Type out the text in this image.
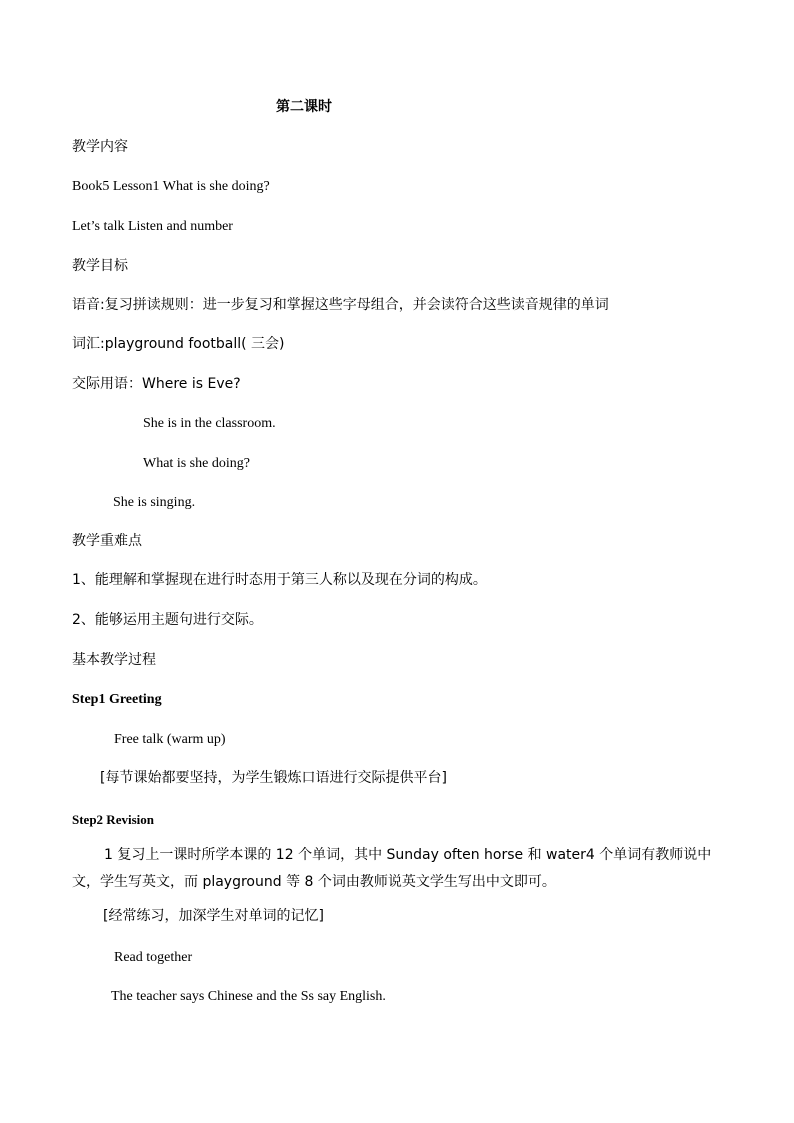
第二课时
教学内容
Book5 Lesson1 What is she doing?
Let’s talk Listen and number
教学目标
语音:复习拼读规则：进一步复习和掌握这些字母组合，并会读符合这些读音规律的单词
词汇:playground football( 三会)
交际用语：Where is Eve?
She is in the classroom.
What is she doing?
She is singing.
教学重难点
1、能理解和掌握现在进行时态用于第三人称以及现在分词的构成。
2、能够运用主题句进行交际。
基本教学过程
Step1 Greeting
Free talk (warm up)
[每节课始都要坚持，为学生锻炼口语进行交际提供平台]
Step2 Revision
1 复习上一课时所学本课的 12 个单词，其中 Sunday often horse 和 water4 个单词有教师说中文，学生写英文，而 playground 等 8 个词由教师说英文学生写出中文即可。
[经常练习，加深学生对单词的记忆]
Read together
The teacher says Chinese and the Ss say English.
